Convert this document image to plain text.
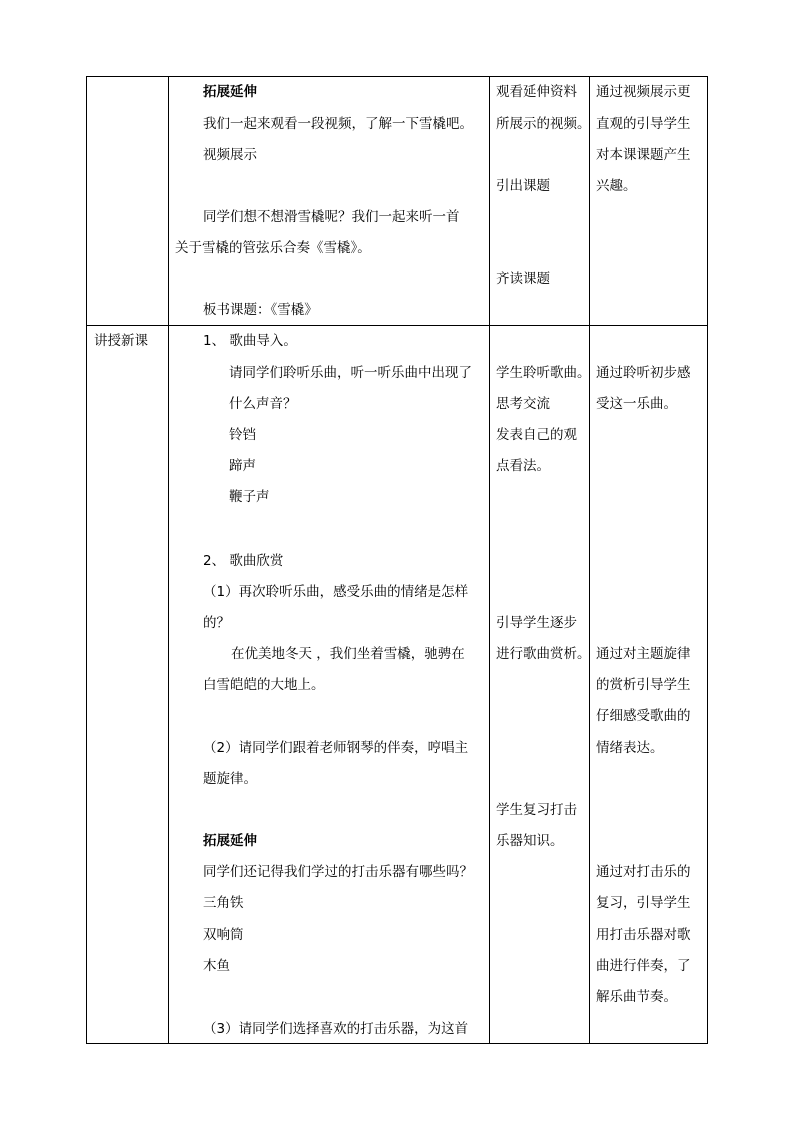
拓展延伸
我们一起来观看一段视频，了解一下雪橇吧。
视频展示
同学们想不想滑雪橇呢？我们一起来听一首
关于雪橇的管弦乐合奏《雪橇》。
板书课题：《雪橇》
观看延伸资料
所展示的视频。
引出课题
齐读课题
通过视频展示更
直观的引导学生
对本课课题产生
兴趣。
讲授新课	1、 歌曲导入。
请同学们聆听乐曲，听一听乐曲中出现了
什么声音？
铃铛
蹄声
鞭子声
2、 歌曲欣赏
（1）再次聆听乐曲，感受乐曲的情绪是怎样
的？
在优美地冬天 ，我们坐着雪橇，驰骋在
白雪皑皑的大地上。
（2）请同学们跟着老师钢琴的伴奏，哼唱主
题旋律。
拓展延伸
同学们还记得我们学过的打击乐器有哪些吗？
三角铁
双响筒
木鱼
（3）请同学们选择喜欢的打击乐器，为这首
学生聆听歌曲。
思考交流
发表自己的观
点看法。
引导学生逐步
进行歌曲赏析。
学生复习打击
乐器知识。
通过聆听初步感
受这一乐曲。
通过对主题旋律
的赏析引导学生
仔细感受歌曲的
情绪表达。
通过对打击乐的
复习，引导学生
用打击乐器对歌
曲进行伴奏，了
解乐曲节奏。
